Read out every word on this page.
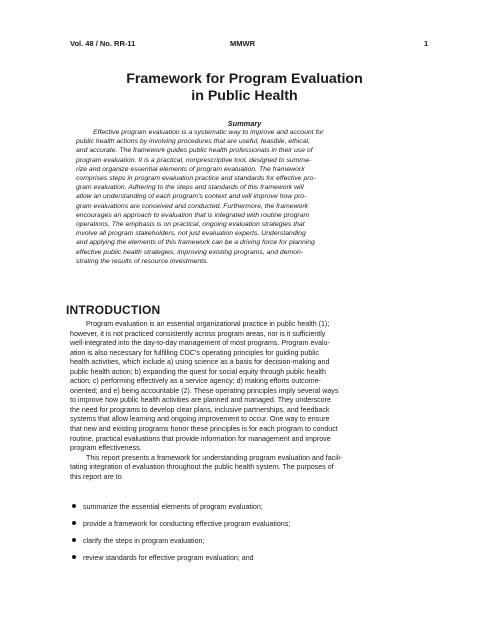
Vol. 48 / No. RR-11	MMWR	1
Framework for Program Evaluation
in Public Health
Summary
Effective program evaluation is a systematic way to improve and account for
public health actions by involving procedures that are useful, feasible, ethical,
and accurate. The framework guides public health professionals in their use of
program evaluation. It is a practical, nonprescriptive tool, designed to summa-
rize and organize essential elements of program evaluation. The framework
comprises steps in program evaluation practice and standards for effective pro-
gram evaluation. Adhering to the steps and standards of this framework will
allow an understanding of each program's context and will improve how pro-
gram evaluations are conceived and conducted. Furthermore, the framework
encourages an approach to evaluation that is integrated with routine program
operations. The emphasis is on practical, ongoing evaluation strategies that
involve all program stakeholders, not just evaluation experts. Understanding
and applying the elements of this framework can be a driving force for planning
effective public health strategies, improving existing programs, and demon-
strating the results of resource investments.
INTRODUCTION
Program evaluation is an essential organizational practice in public health (1);
however, it is not practiced consistently across program areas, nor is it sufficiently
well-integrated into the day-to-day management of most programs. Program evalu-
ation is also necessary for fulfilling CDC's operating principles for guiding public
health activities, which include a) using science as a basis for decision-making and
public health action; b) expanding the quest for social equity through public health
action; c) performing effectively as a service agency; d) making efforts outcome-
oriented; and e) being accountable (2). These operating principles imply several ways
to improve how public health activities are planned and managed. They underscore
the need for programs to develop clear plans, inclusive partnerships, and feedback
systems that allow learning and ongoing improvement to occur. One way to ensure
that new and existing programs honor these principles is for each program to conduct
routine, practical evaluations that provide information for management and improve
program effectiveness.
This report presents a framework for understanding program evaluation and facili-
tating integration of evaluation throughout the public health system. The purposes of
this report are to
summarize the essential elements of program evaluation;
provide a framework for conducting effective program evaluations;
clarify the steps in program evaluation;
review standards for effective program evaluation; and
